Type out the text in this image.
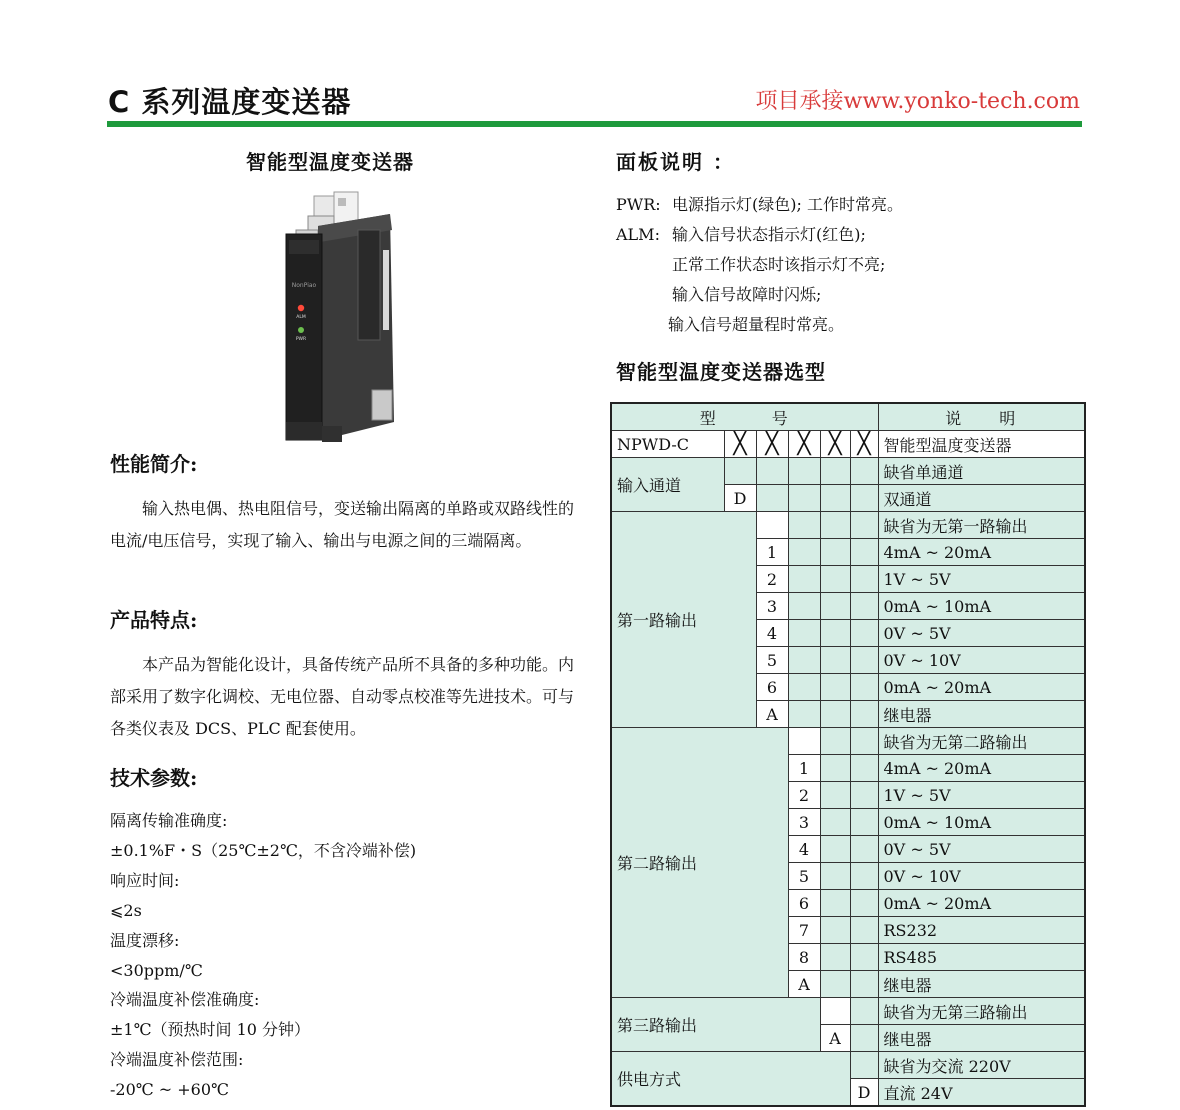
C 系列温度变送器	项目承接www.yonko-tech.com
智能型温度变送器
NonPiao
ALM
PWR
性能简介:

输入热电偶、热电阻信号，变送输出隔离的单路或双路线性的电流/电压信号，实现了输入、输出与电源之间的三端隔离。

产品特点:

本产品为智能化设计，具备传统产品所不具备的多种功能。内部采用了数字化调校、无电位器、自动零点校准等先进技术。可与各类仪表及 DCS、PLC 配套使用。

技术参数:
隔离传输准确度:
±0.1%F・S（25℃±2℃，不含冷端补偿)
响应时间:
⩽2s
温度漂移:
<30ppm/℃
冷端温度补偿准确度:
±1℃（预热时间 10 分钟）
冷端温度补偿范围:
-20℃ ~ +60℃
面板说明 ：
PWR: 电源指示灯(绿色); 工作时常亮。
ALM: 输入信号状态指示灯(红色);
正常工作状态时该指示灯不亮;
输入信号故障时闪烁;
输入信号超量程时常亮。
智能型温度变送器选型
型　　　号						说　　明
NPWD-C	╳	╳	╳	╳	╳	智能型温度变送器
输入通道						缺省单通道
	D					双通道
第一路输出						缺省为无第一路输出
		1				4mA ~ 20mA
		2				1V ~ 5V
		3				0mA ~ 10mA
		4				0V ~ 5V
		5				0V ~ 10V
		6				0mA ~ 20mA
		A				继电器
第二路输出						缺省为无第二路输出
			1			4mA ~ 20mA
			2			1V ~ 5V
			3			0mA ~ 10mA
			4			0V ~ 5V
			5			0V ~ 10V
			6			0mA ~ 20mA
			7			RS232
			8			RS485
			A			继电器
第三路输出						缺省为无第三路输出
				A		继电器
供电方式						缺省为交流 220V
					D	直流 24V
